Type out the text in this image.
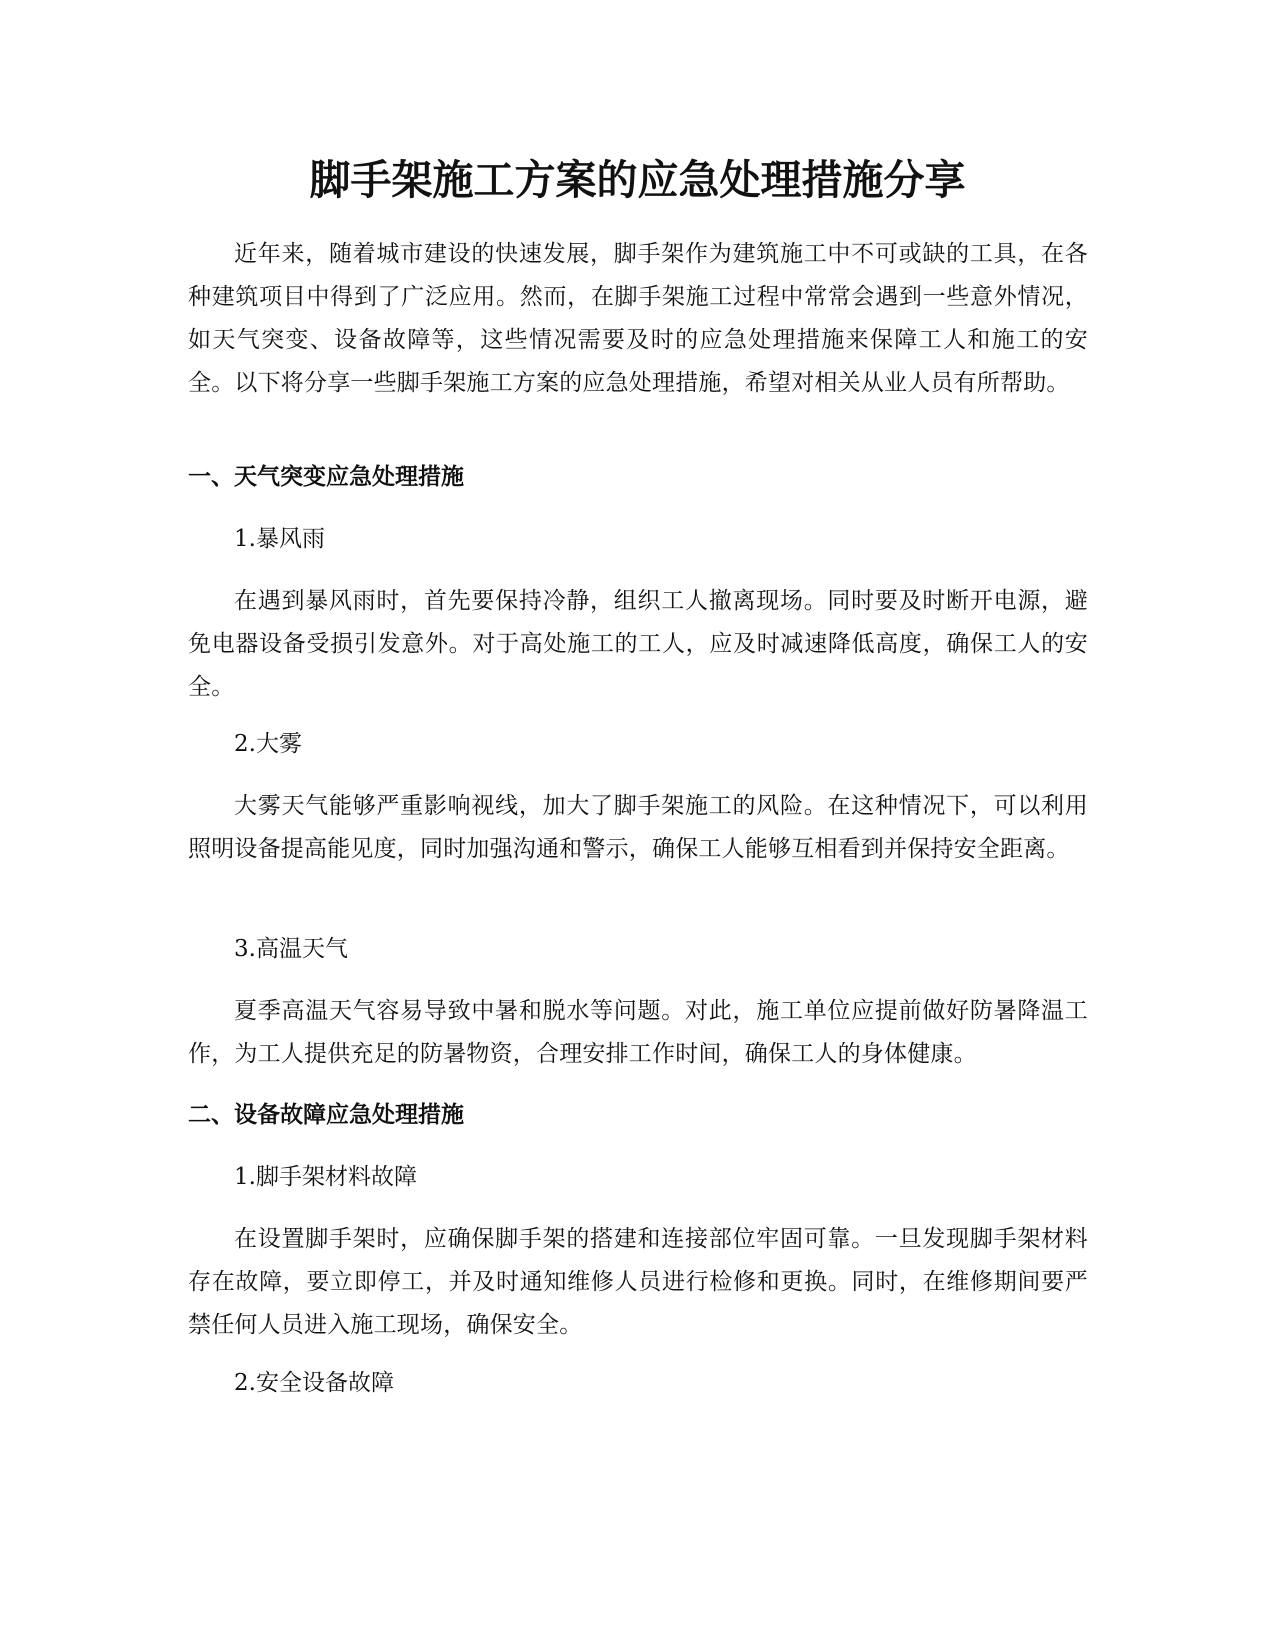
脚手架施工方案的应急处理措施分享

近年来，随着城市建设的快速发展，脚手架作为建筑施工中不可或缺的工具，在各种建筑项目中得到了广泛应用。然而，在脚手架施工过程中常常会遇到一些意外情况，如天气突变、设备故障等，这些情况需要及时的应急处理措施来保障工人和施工的安全。以下将分享一些脚手架施工方案的应急处理措施，希望对相关从业人员有所帮助。

一、天气突变应急处理措施

1.暴风雨

在遇到暴风雨时，首先要保持冷静，组织工人撤离现场。同时要及时断开电源，避免电器设备受损引发意外。对于高处施工的工人，应及时减速降低高度，确保工人的安全。

2.大雾

大雾天气能够严重影响视线，加大了脚手架施工的风险。在这种情况下，可以利用照明设备提高能见度，同时加强沟通和警示，确保工人能够互相看到并保持安全距离。

3.高温天气

夏季高温天气容易导致中暑和脱水等问题。对此，施工单位应提前做好防暑降温工作，为工人提供充足的防暑物资，合理安排工作时间，确保工人的身体健康。

二、设备故障应急处理措施

1.脚手架材料故障

在设置脚手架时，应确保脚手架的搭建和连接部位牢固可靠。一旦发现脚手架材料存在故障，要立即停工，并及时通知维修人员进行检修和更换。同时，在维修期间要严禁任何人员进入施工现场，确保安全。

2.安全设备故障
